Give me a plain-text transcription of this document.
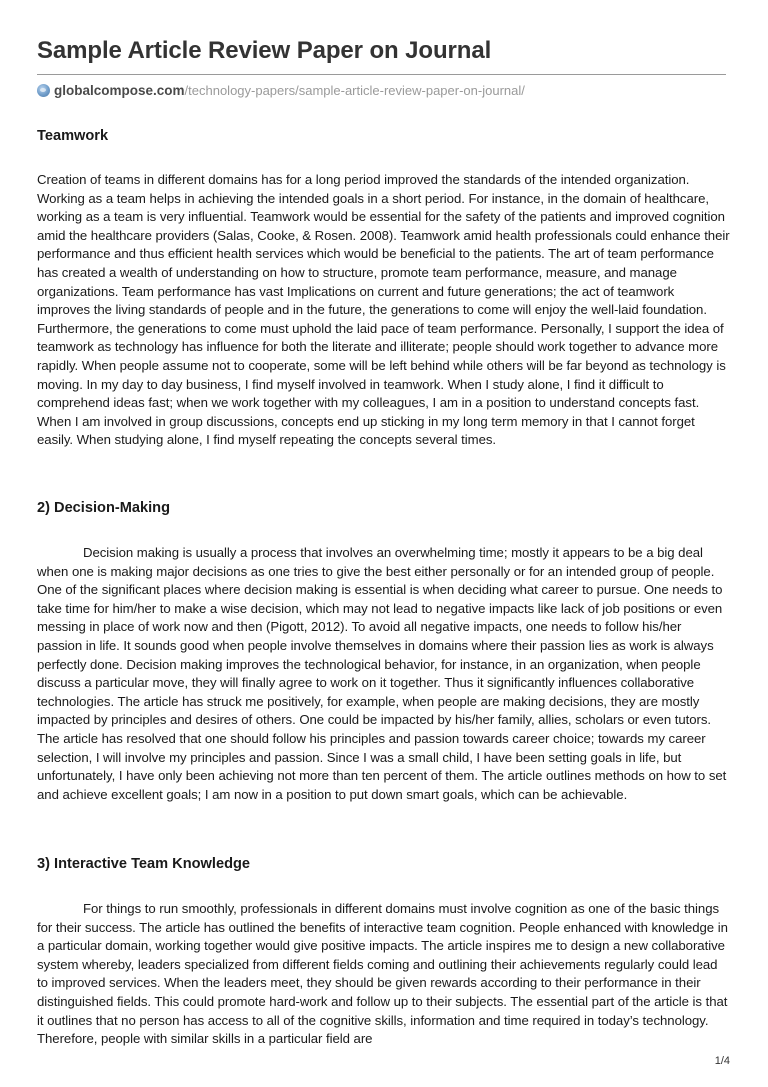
Sample Article Review Paper on Journal
globalcompose.com /technology-papers/sample-article-review-paper-on-journal/
Teamwork

Creation of teams in different domains has for a long period improved the standards of the intended organization. Working as a team helps in achieving the intended goals in a short period. For instance, in the domain of healthcare, working as a team is very influential. Teamwork would be essential for the safety of the patients and improved cognition amid the healthcare providers (Salas, Cooke, & Rosen. 2008). Teamwork amid health professionals could enhance their performance and thus efficient health services which would be beneficial to the patients. The art of team performance has created a wealth of understanding on how to structure, promote team performance, measure, and manage organizations. Team performance has vast Implications on current and future generations; the act of teamwork improves the living standards of people and in the future, the generations to come will enjoy the well-laid foundation. Furthermore, the generations to come must uphold the laid pace of team performance. Personally, I support the idea of teamwork as technology has influence for both the literate and illiterate; people should work together to advance more rapidly. When people assume not to cooperate, some will be left behind while others will be far beyond as technology is moving. In my day to day business, I find myself involved in teamwork. When I study alone, I find it difficult to comprehend ideas fast; when we work together with my colleagues, I am in a position to understand concepts fast. When I am involved in group discussions, concepts end up sticking in my long term memory in that I cannot forget easily. When studying alone, I find myself repeating the concepts several times.

2) Decision-Making

Decision making is usually a process that involves an overwhelming time; mostly it appears to be a big deal when one is making major decisions as one tries to give the best either personally or for an intended group of people. One of the significant places where decision making is essential is when deciding what career to pursue. One needs to take time for him/her to make a wise decision, which may not lead to negative impacts like lack of job positions or even messing in place of work now and then (Pigott, 2012). To avoid all negative impacts, one needs to follow his/her passion in life. It sounds good when people involve themselves in domains where their passion lies as work is always perfectly done. Decision making improves the technological behavior, for instance, in an organization, when people discuss a particular move, they will finally agree to work on it together. Thus it significantly influences collaborative technologies. The article has struck me positively, for example, when people are making decisions, they are mostly impacted by principles and desires of others. One could be impacted by his/her family, allies, scholars or even tutors. The article has resolved that one should follow his principles and passion towards career choice; towards my career selection, I will involve my principles and passion. Since I was a small child, I have been setting goals in life, but unfortunately, I have only been achieving not more than ten percent of them. The article outlines methods on how to set and achieve excellent goals; I am now in a position to put down smart goals, which can be achievable.

3) Interactive Team Knowledge

For things to run smoothly, professionals in different domains must involve cognition as one of the basic things for their success. The article has outlined the benefits of interactive team cognition. People enhanced with knowledge in a particular domain, working together would give positive impacts. The article inspires me to design a new collaborative system whereby, leaders specialized from different fields coming and outlining their achievements regularly could lead to improved services. When the leaders meet, they should be given rewards according to their performance in their distinguished fields. This could promote hard-work and follow up to their subjects. The essential part of the article is that it outlines that no person has access to all of the cognitive skills, information and time required in today’s technology. Therefore, people with similar skills in a particular field are

1/4
